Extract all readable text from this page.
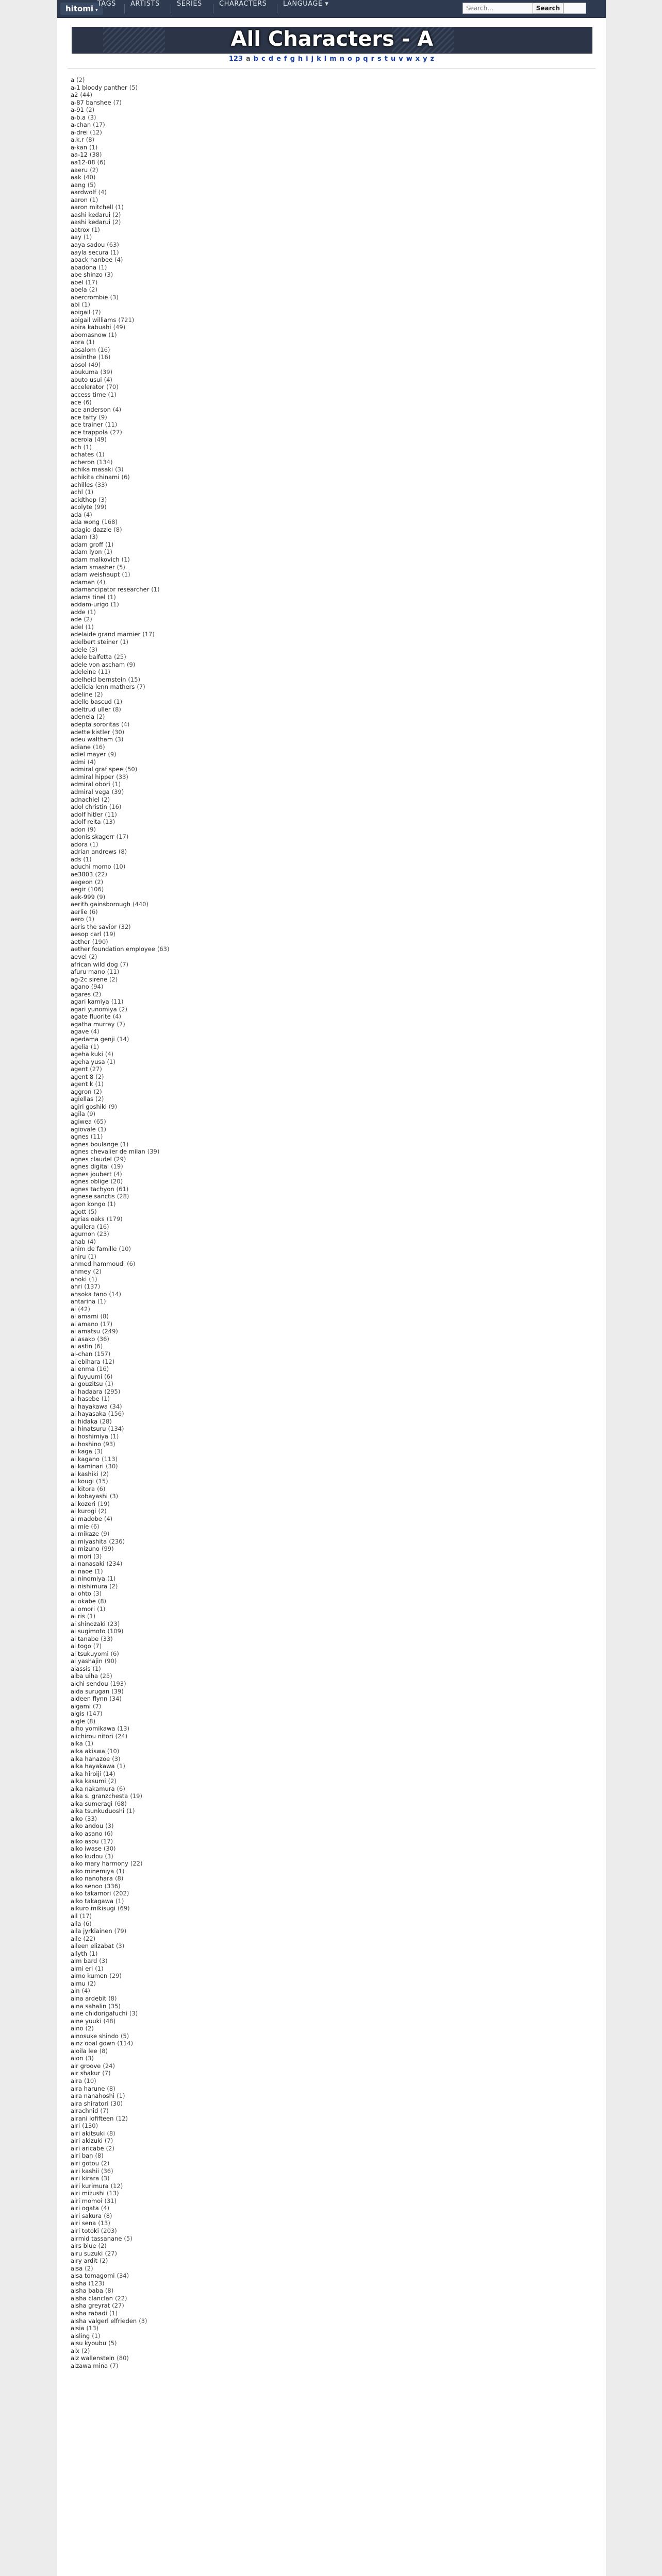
hitomi ▾
TAGS ARTISTS	SERIES	CHARACTERS LANGUAGE ▾
Search...
Search
All Characters - A
123 a b c d e f g h i j k l m n o p q r s t u v w x y z
a (2)
a-1 bloody panther (5)
a2 (44)
a-87 banshee (7)
a-91 (2)
a-b.a (3)
a-chan (17)
a-drei (12)
a.k.r (8)
a-kan (1)
aa-12 (38)
aa12-08 (6)
aaeru (2)
aak (40)
aang (5)
aardwolf (4)
aaron (1)
aaron mitchell (1)
aashi kedarui (2)
aashi kedarui (2)
aatrox (1)
aay (1)
aaya sadou (63)
aayla secura (1)
aback hanbee (4)
abadona (1)
abe shinzo (3)
abel (17)
abela (2)
abercrombie (3)
abi (1)
abigail (7)
abigail williams (721)
abira kabuahi (49)
abomasnow (1)
abra (1)
absalom (16)
absinthe (16)
absol (49)
abukuma (39)
abuto usui (4)
accelerator (70)
access time (1)
ace (6)
ace anderson (4)
ace taffy (9)
ace trainer (11)
ace trappola (27)
acerola (49)
ach (1)
achates (1)
acheron (134)
achika masaki (3)
achikita chinami (6)
achilles (33)
achl (1)
acidthop (3)
acolyte (99)
ada (4)
ada wong (168)
adagio dazzle (8)
adam (3)
adam groff (1)
adam lyon (1)
adam malkovich (1)
adam smasher (5)
adam weishaupt (1)
adaman (4)
adamancipator researcher (1)
adams tinel (1)
addam-urigo (1)
adde (1)
ade (2)
adel (1)
adelaide grand marnier (17)
adelbert steiner (1)
adele (3)
adele balfetta (25)
adele von ascham (9)
adeleine (11)
adelheid bernstein (15)
adelicia lenn mathers (7)
adeline (2)
adelle bascud (1)
adeltrud uller (8)
adenela (2)
adepta sororitas (4)
adette kistler (30)
adeu waltham (3)
adiane (16)
adiel mayer (9)
admi (4)
admiral graf spee (50)
admiral hipper (33)
admiral obori (1)
admiral vega (39)
adnachiel (2)
adol christin (16)
adolf hitler (11)
adolf reita (13)
adon (9)
adonis skagerr (17)
adora (1)
adrian andrews (8)
ads (1)
aduchi momo (10)
ae3803 (22)
aegeon (2)
aegir (106)
aek-999 (9)
aerith gainsborough (440)
aerlie (6)
aero (1)
aeris the savior (32)
aesop carl (19)
aether (190)
aether foundation employee (63)
aevel (2)
african wild dog (7)
afuru mano (11)
ag-2c sirene (2)
agano (94)
agares (2)
agari kamiya (11)
agari yunomiya (2)
agate fluorite (4)
agatha murray (7)
agave (4)
agedama genji (14)
agelia (1)
ageha kuki (4)
ageha yusa (1)
agent (27)
agent 8 (2)
agent k (1)
aggron (2)
agiellas (2)
agiri goshiki (9)
agila (9)
agiwea (65)
agiovale (1)
agnes (11)
agnes boulange (1)
agnes chevalier de milan (39)
agnes claudel (29)
agnes digital (19)
agnes joubert (4)
agnes oblige (20)
agnes tachyon (61)
agnese sanctis (28)
agon kongo (1)
agott (5)
agrias oaks (179)
aguilera (16)
agumon (23)
ahab (4)
ahim de famille (10)
ahiru (1)
ahmed hammoudi (6)
ahmey (2)
ahoki (1)
ahri (137)
ahsoka tano (14)
ahtarina (1)
ai (42)
ai amami (8)
ai amano (17)
ai amatsu (249)
ai asako (36)
ai astin (6)
ai-chan (157)
ai ebihara (12)
ai enma (16)
ai fuyuumi (6)
ai gouzitsu (1)
ai hadaara (295)
ai hasebe (1)
ai hayakawa (34)
ai hayasaka (156)
ai hidaka (28)
ai hinatsuru (134)
ai hoshimiya (1)
ai hoshino (93)
ai kaga (3)
ai kagano (113)
ai kaminari (30)
ai kashiki (2)
ai kougi (15)
ai kitora (6)
ai kobayashi (3)
ai kozeri (19)
ai kurogi (2)
ai madobe (4)
ai mie (6)
ai mikaze (9)
ai miyashita (236)
ai mizuno (99)
ai mori (3)
ai nanasaki (234)
ai naoe (1)
ai ninomiya (1)
ai nishimura (2)
ai ohto (3)
ai okabe (8)
ai omori (1)
ai ris (1)
ai shinozaki (23)
ai sugimoto (109)
ai tanabe (33)
ai togo (7)
ai tsukuyomi (6)
ai yashajin (90)
aiassis (1)
aiba uiha (25)
aichi sendou (193)
aida surugan (39)
aideen flynn (34)
aigami (7)
aigis (147)
aigle (8)
aiho yomikawa (13)
aiichirou nitori (24)
aika (1)
aika akiswa (10)
aika hanazoe (3)
aika hayakawa (1)
aika hiroiji (14)
aika kasumi (2)
aika nakamura (6)
aika s. granzchesta (19)
aika sumeragi (68)
aika tsunkuduoshi (1)
aiko (33)
aiko andou (3)
aiko asano (6)
aiko asou (17)
aiko iwase (30)
aiko kudou (3)
aiko mary harmony (22)
aiko minemiya (1)
aiko nanohara (8)
aiko senoo (336)
aiko takamori (202)
aiko takagawa (1)
aikuro mikisugi (69)
ail (17)
aila (6)
aila jyrkiainen (79)
aile (22)
aileen elizabat (3)
ailyth (1)
aim bard (3)
aimi eri (1)
aimo kumen (29)
aimu (2)
ain (4)
aina ardebit (8)
aina sahalin (35)
aine chidorigafuchi (3)
aine yuuki (48)
aino (2)
ainosuke shindo (5)
ainz ooal gown (114)
aioila lee (8)
aion (3)
air groove (24)
air shakur (7)
aira (10)
aira harune (8)
aira nanahoshi (1)
aira shiratori (30)
airachnid (7)
airani iofifteen (12)
airi (130)
airi akitsuki (8)
airi akizuki (7)
airi aricabe (2)
airi ban (8)
airi gotou (2)
airi kashii (36)
airi kirara (3)
airi kurimura (12)
airi mizushi (13)
airi momoi (31)
airi ogata (4)
airi sakura (8)
airi sena (13)
airi totoki (203)
airmid tassanane (5)
airs blue (2)
airu suzuki (27)
airy ardit (2)
aisa (2)
aisa tomagomi (34)
aisha (123)
aisha baba (8)
aisha clanclan (22)
aisha greyrat (27)
aisha rabadi (1)
aisha valgerl elfrieden (3)
aisia (13)
aisling (1)
aisu kyoubu (5)
aix (2)
aiz wallenstein (80)
aizawa mina (7)
